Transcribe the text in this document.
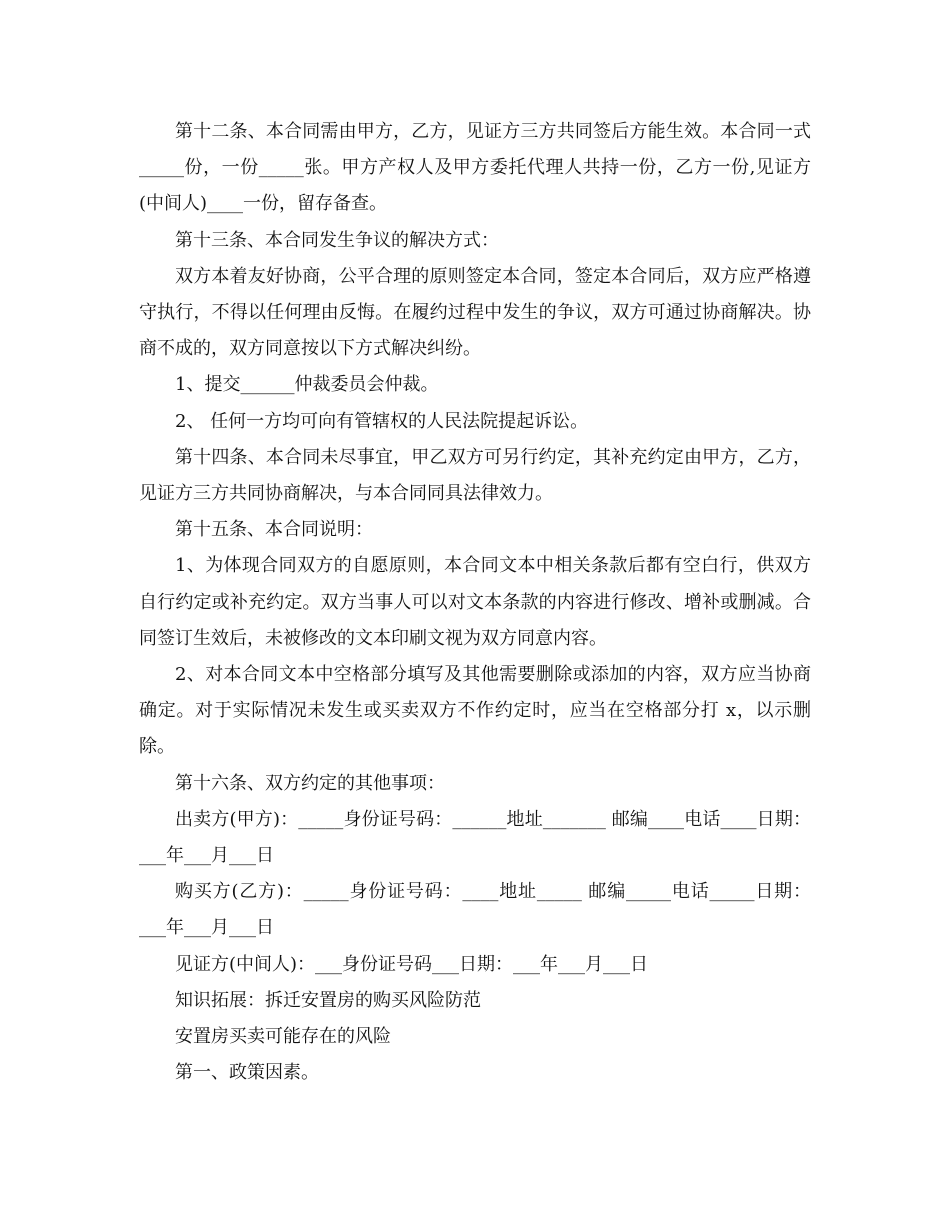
第十二条、本合同需由甲方，乙方，见证方三方共同签后方能生效。本合同一式_____份，一份_____张。甲方产权人及甲方委托代理人共持一份，乙方一份,见证方(中间人)____一份，留存备查。

第十三条、本合同发生争议的解决方式：

双方本着友好协商，公平合理的原则签定本合同，签定本合同后，双方应严格遵守执行，不得以任何理由反悔。在履约过程中发生的争议，双方可通过协商解决。协商不成的，双方同意按以下方式解决纠纷。

1、提交______仲裁委员会仲裁。

2、 任何一方均可向有管辖权的人民法院提起诉讼。

第十四条、本合同未尽事宜，甲乙双方可另行约定，其补充约定由甲方，乙方，见证方三方共同协商解决，与本合同同具法律效力。

第十五条、本合同说明：

1、为体现合同双方的自愿原则，本合同文本中相关条款后都有空白行，供双方自行约定或补充约定。双方当事人可以对文本条款的内容进行修改、增补或删减。合同签订生效后，未被修改的文本印刷文视为双方同意内容。

2、对本合同文本中空格部分填写及其他需要删除或添加的内容，双方应当协商确定。对于实际情况未发生或买卖双方不作约定时，应当在空格部分打 x，以示删除。

第十六条、双方约定的其他事项：

出卖方(甲方)：_____身份证号码：______地址_______ 邮编____电话____日期：___年___月___日

购买方(乙方)：_____身份证号码：____地址_____ 邮编_____电话_____日期：___年___月___日

见证方(中间人)：___身份证号码___日期：___年___月___日

知识拓展：拆迁安置房的购买风险防范

安置房买卖可能存在的风险

第一、政策因素。
